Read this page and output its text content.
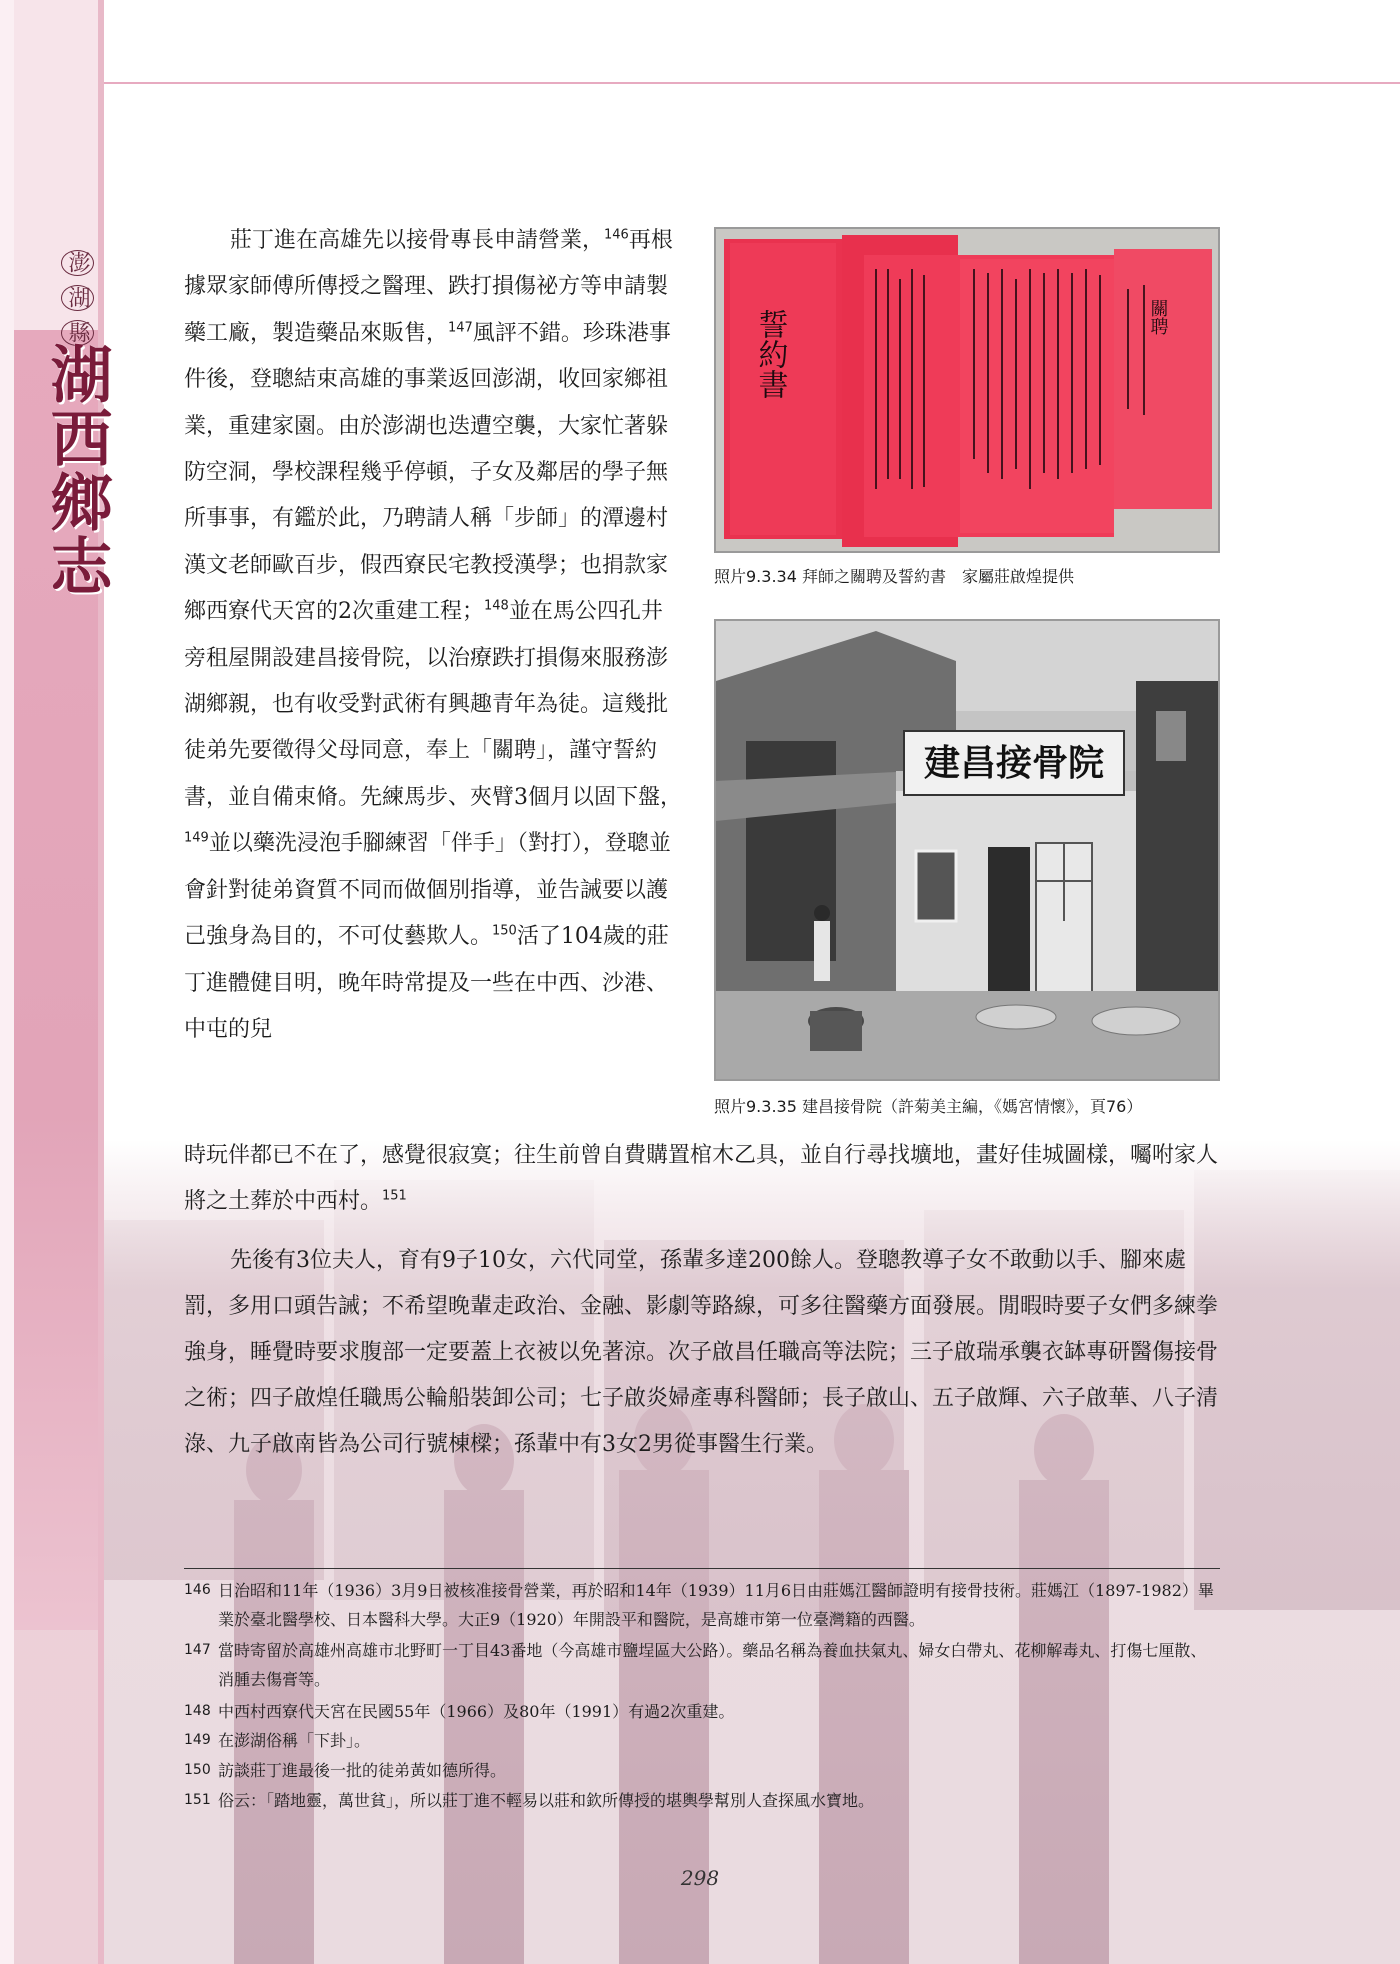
澎 湖 縣
湖西鄉志
莊丁進在高雄先以接骨專長申請營業，$^{146}$再根據眾家師傅所傳授之醫理、跌打損傷祕方等申請製藥工廠，製造藥品來販售，$^{147}$風評不錯。珍珠港事件後，登聰結束高雄的事業返回澎湖，收回家鄉祖業，重建家園。由於澎湖也迭遭空襲，大家忙著躲防空洞，學校課程幾乎停頓，子女及鄰居的學子無所事事，有鑑於此，乃聘請人稱「步師」的潭邊村漢文老師歐百步，假西寮民宅教授漢學；也捐款家鄉西寮代天宮的2次重建工程；$^{148}$並在馬公四孔井旁租屋開設建昌接骨院，以治療跌打損傷來服務澎湖鄉親，也有收受對武術有興趣青年為徒。這幾批徒弟先要徵得父母同意，奉上「關聘」，謹守誓約書，並自備束脩。先練馬步、夾臂3個月以固下盤，$^{149}$並以藥洗浸泡手腳練習「伴手」（對打），登聰並會針對徒弟資質不同而做個別指導，並告誡要以護己強身為目的，不可仗藝欺人。$^{150}$活了104歲的莊丁進體健目明，晚年時常提及一些在中西、沙港、中屯的兒
時玩伴都已不在了，感覺很寂寞；往生前曾自費購置棺木乙具，並自行尋找壙地，畫好佳城圖樣，囑咐家人將之土葬於中西村。$^{151}$
先後有3位夫人，育有9子10女，六代同堂，孫輩多達200餘人。登聰教導子女不敢動以手、腳來處罰，多用口頭告誡；不希望晚輩走政治、金融、影劇等路線，可多往醫藥方面發展。閒暇時要子女們多練拳強身，睡覺時要求腹部一定要蓋上衣被以免著涼。次子啟昌任職高等法院；三子啟瑞承襲衣缽專研醫傷接骨之術；四子啟煌任職馬公輪船裝卸公司；七子啟炎婦產專科醫師；長子啟山、五子啟輝、六子啟華、八子清淥、九子啟南皆為公司行號棟樑；孫輩中有3女2男從事醫生行業。
誓約書	關聘
照片9.3.34 拜師之關聘及誓約書　家屬莊啟煌提供
建昌接骨院
照片9.3.35 建昌接骨院（許菊美主編，《媽宮情懷》，頁76）
146 日治昭和11年（1936）3月9日被核准接骨營業，再於昭和14年（1939）11月6日由莊媽江醫師證明有接骨技術。莊媽江（1897-1982）畢業於臺北醫學校、日本醫科大學。大正9（1920）年開設平和醫院，是高雄市第一位臺灣籍的西醫。
147 當時寄留於高雄州高雄市北野町一丁目43番地（今高雄市鹽埕區大公路）。藥品名稱為養血扶氣丸、婦女白帶丸、花柳解毒丸、打傷七厘散、消腫去傷膏等。
148 中西村西寮代天宮在民國55年（1966）及80年（1991）有過2次重建。
149 在澎湖俗稱「下卦」。
150 訪談莊丁進最後一批的徒弟黃如德所得。
151 俗云：「踏地靈，萬世貧」，所以莊丁進不輕易以莊和欽所傳授的堪輿學幫別人查探風水寶地。
298
